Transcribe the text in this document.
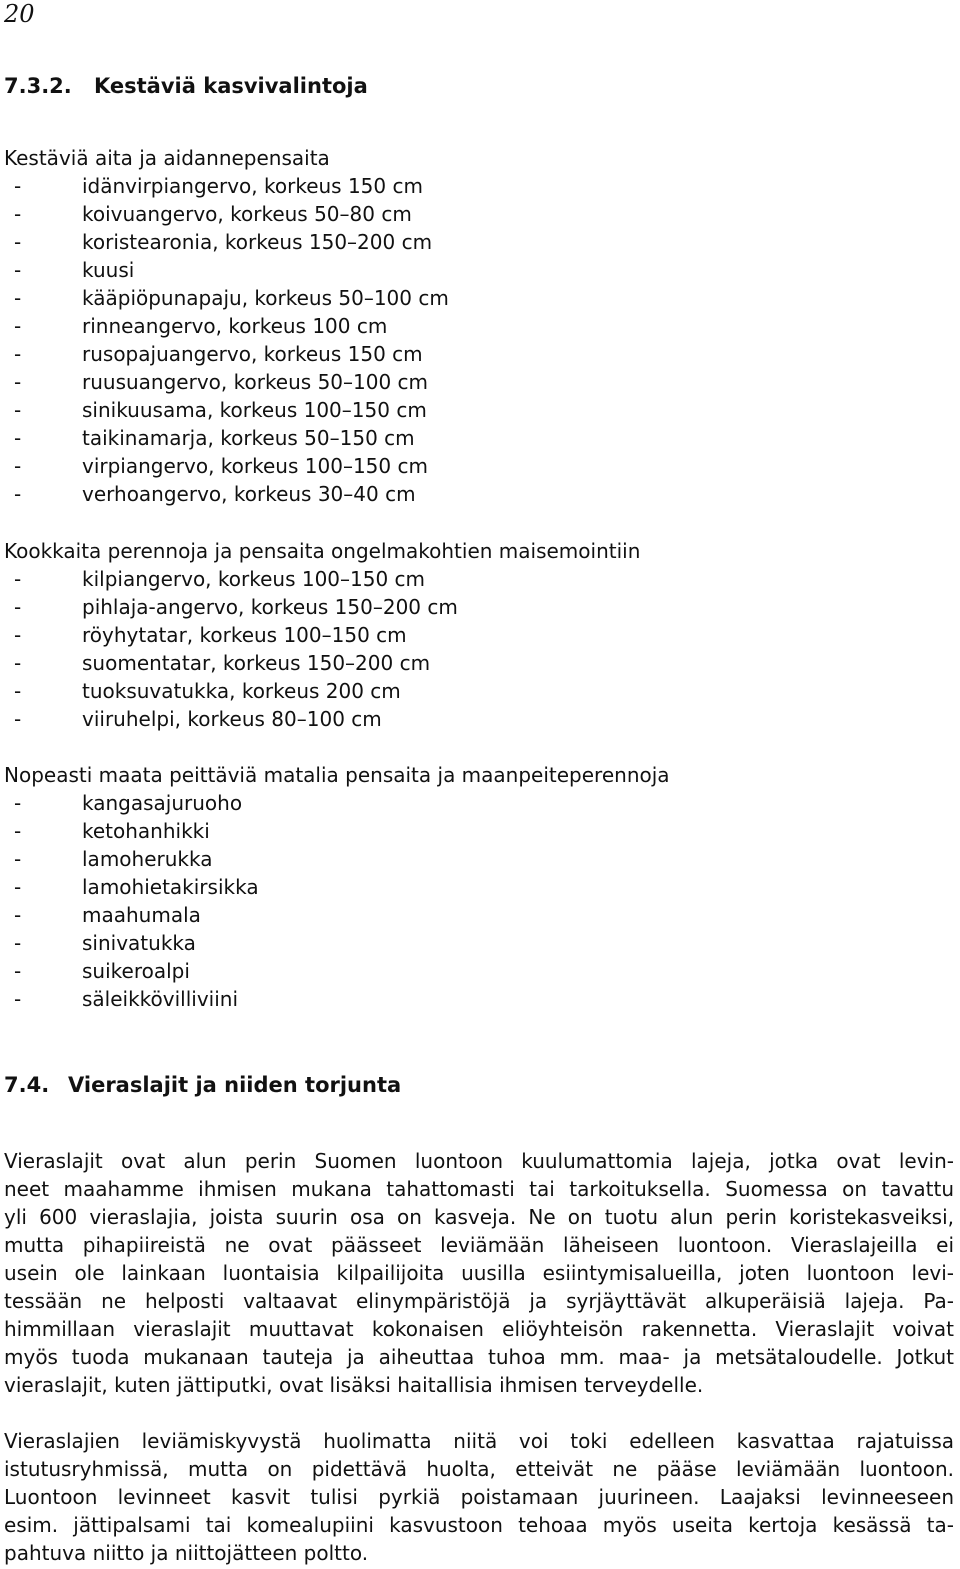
20
7.3.2. Kestäviä kasvivalintoja
Kestäviä aita ja aidannepensaita
-	idänvirpiangervo, korkeus 150 cm
-	koivuangervo, korkeus 50–80 cm
-	koristearonia, korkeus 150–200 cm
-	kuusi
-	kääpiöpunapaju, korkeus 50–100 cm
-	rinneangervo, korkeus 100 cm
-	rusopajuangervo, korkeus 150 cm
-	ruusuangervo, korkeus 50–100 cm
-	sinikuusama, korkeus 100–150 cm
-	taikinamarja, korkeus 50–150 cm
-	virpiangervo, korkeus 100–150 cm
-	verhoangervo, korkeus 30–40 cm
Kookkaita perennoja ja pensaita ongelmakohtien maisemointiin
-	kilpiangervo, korkeus 100–150 cm
-	pihlaja-angervo, korkeus 150–200 cm
-	röyhytatar, korkeus 100–150 cm
-	suomentatar, korkeus 150–200 cm
-	tuoksuvatukka, korkeus 200 cm
-	viiruhelpi, korkeus 80–100 cm
Nopeasti maata peittäviä matalia pensaita ja maanpeiteperennoja
-	kangasajuruoho
-	ketohanhikki
-	lamoherukka
-	lamohietakirsikka
-	maahumala
-	sinivatukka
-	suikeroalpi
-	säleikkövilliviini
7.4. Vieraslajit ja niiden torjunta

Vieraslajit ovat alun perin Suomen luontoon kuulumattomia lajeja, jotka ovat levin-
neet maahamme ihmisen mukana tahattomasti tai tarkoituksella. Suomessa on tavattu
yli 600 vieraslajia, joista suurin osa on kasveja. Ne on tuotu alun perin koristekasveiksi,
mutta pihapiireistä ne ovat päässeet leviämään läheiseen luontoon. Vieraslajeilla ei
usein ole lainkaan luontaisia kilpailijoita uusilla esiintymisalueilla, joten luontoon levi-
tessään ne helposti valtaavat elinympäristöjä ja syrjäyttävät alkuperäisiä lajeja. Pa-
himmillaan vieraslajit muuttavat kokonaisen eliöyhteisön rakennetta. Vieraslajit voivat
myös tuoda mukanaan tauteja ja aiheuttaa tuhoa mm. maa- ja metsätaloudelle. Jotkut
vieraslajit, kuten jättiputki, ovat lisäksi haitallisia ihmisen terveydelle.

Vieraslajien leviämiskyvystä huolimatta niitä voi toki edelleen kasvattaa rajatuissa
istutusryhmissä, mutta on pidettävä huolta, etteivät ne pääse leviämään luontoon.
Luontoon levinneet kasvit tulisi pyrkiä poistamaan juurineen. Laajaksi levinneeseen
esim. jättipalsami tai komealupiini kasvustoon tehoaa myös useita kertoja kesässä ta-
pahtuva niitto ja niittojätteen poltto.
